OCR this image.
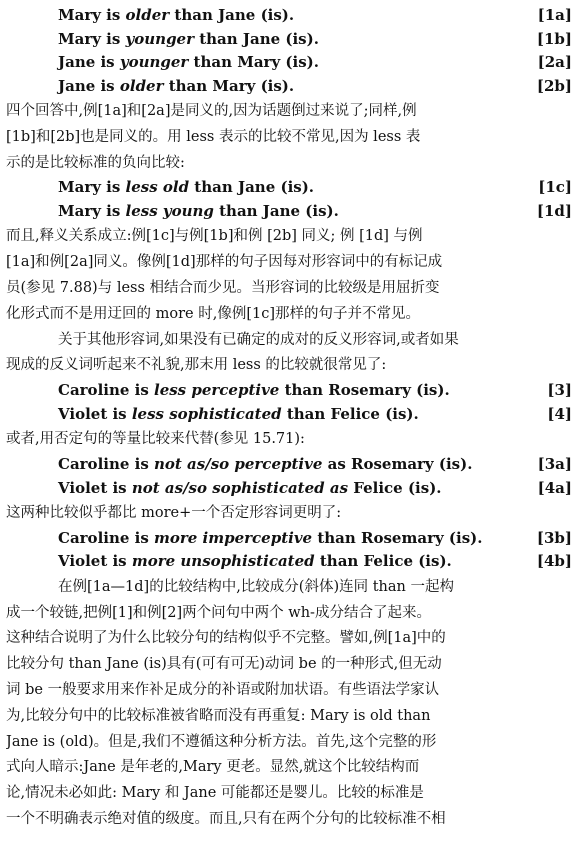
Mary is older than Jane (is).	[1a]
Mary is younger than Jane (is).	[1b]
Jane is younger than Mary (is).	[2a]
Jane is older than Mary (is).	[2b]
四个回答中,例[1a]和[2a]是同义的,因为话题倒过来说了;同样,例
[1b]和[2b]也是同义的。用 less 表示的比较不常见,因为 less 表
示的是比较标准的负向比较:
Mary is less old than Jane (is).	[1c]
Mary is less young than Jane (is).	[1d]
而且,释义关系成立:例[1c]与例[1b]和例 [2b] 同义; 例 [1d] 与例
[1a]和例[2a]同义。像例[1d]那样的句子因每对形容词中的有标记成
员(参见 7.88)与 less 相结合而少见。当形容词的比较级是用屈折变
化形式而不是用迂回的 more 时,像例[1c]那样的句子并不常见。
关于其他形容词,如果没有已确定的成对的反义形容词,或者如果
现成的反义词听起来不礼貌,那末用 less 的比较就很常见了:
Caroline is less perceptive than Rosemary (is).	[3]
Violet is less sophisticated than Felice (is).	[4]
或者,用否定句的等量比较来代替(参见 15.71):
Caroline is not as/so perceptive as Rosemary (is).	[3a]
Violet is not as/so sophisticated as Felice (is).	[4a]
这两种比较似乎都比 more+一个否定形容词更明了:
Caroline is more imperceptive than Rosemary (is).	[3b]
Violet is more unsophisticated than Felice (is).	[4b]
在例[1a—1d]的比较结构中,比较成分(斜体)连同 than 一起构
成一个较链,把例[1]和例[2]两个问句中两个 wh-成分结合了起来。
这种结合说明了为什么比较分句的结构似乎不完整。譬如,例[1a]中的
比较分句 than Jane (is)具有(可有可无)动词 be 的一种形式,但无动
词 be 一般要求用来作补足成分的补语或附加状语。有些语法学家认
为,比较分句中的比较标准被省略而没有再重复: Mary is old than
Jane is (old)。但是,我们不遵循这种分析方法。首先,这个完整的形
式向人暗示:Jane 是年老的,Mary 更老。显然,就这个比较结构而
论,情况未必如此: Mary 和 Jane 可能都还是婴儿。比较的标准是
一个不明确表示绝对值的级度。而且,只有在两个分句的比较标准不相
